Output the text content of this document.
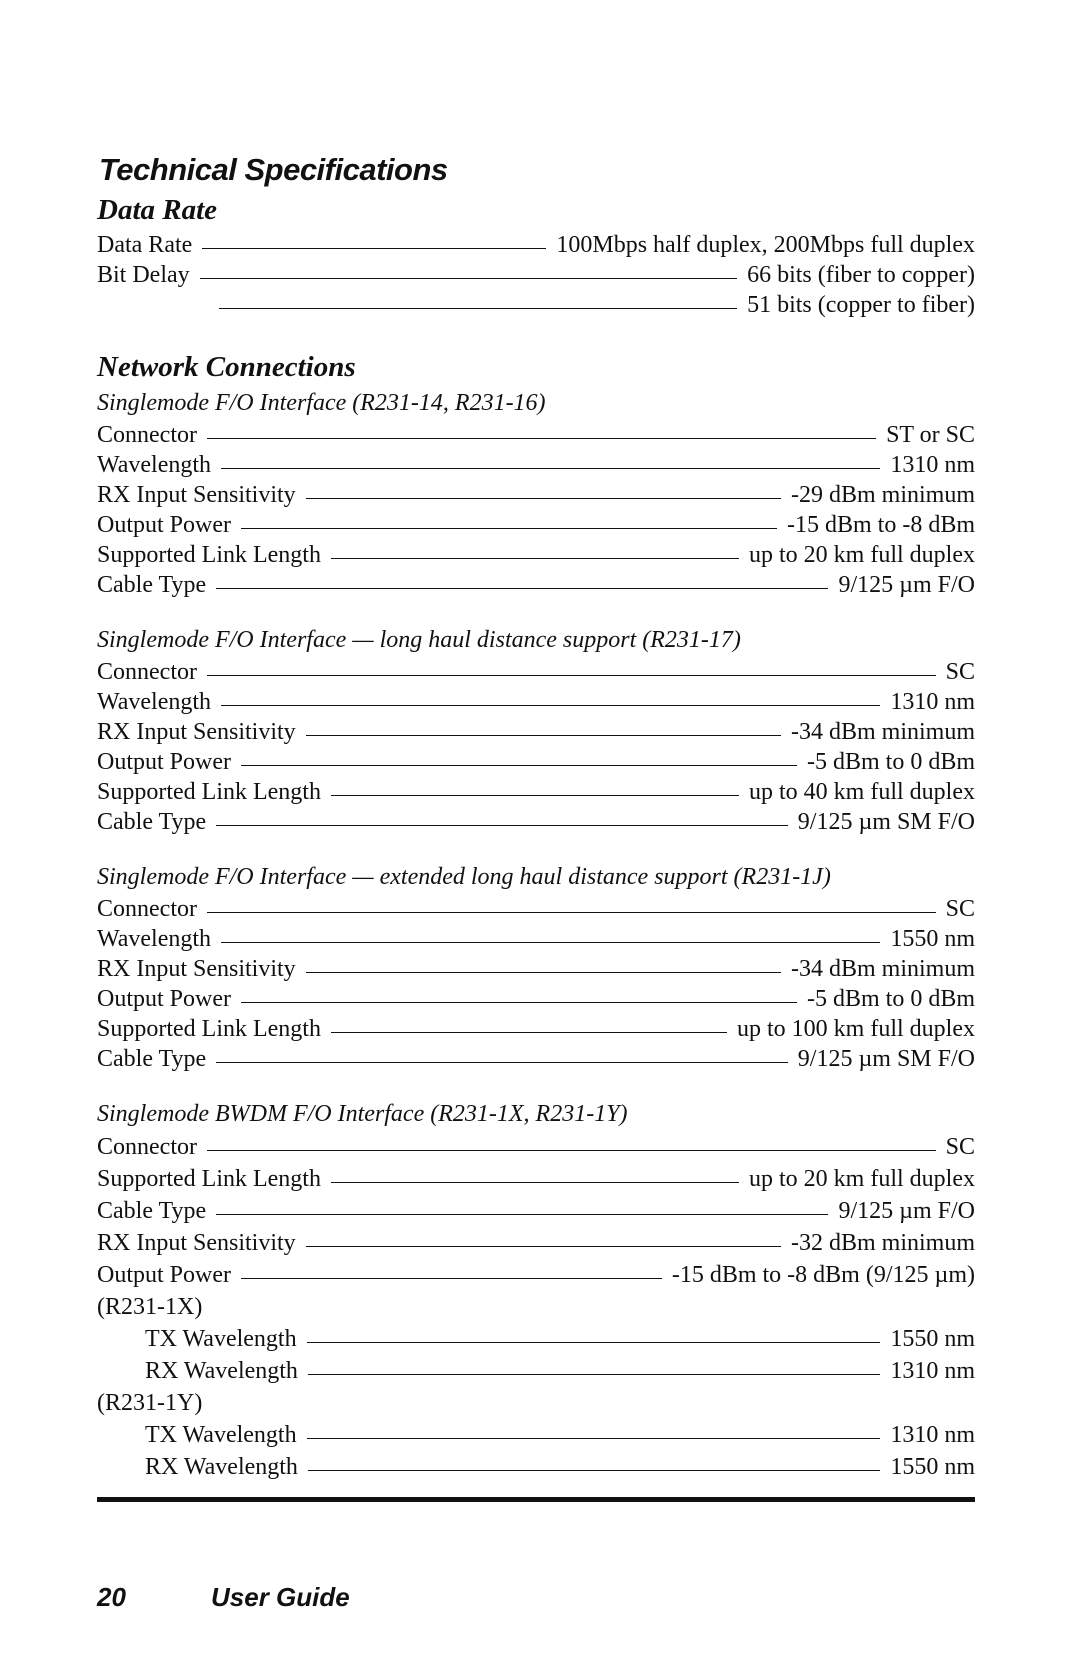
Technical Specifications
Data Rate
Data Rate	100Mbps half duplex, 200Mbps full duplex
Bit Delay	66 bits (fiber to copper)
51 bits (copper to fiber)
Network Connections
Singlemode F/O Interface (R231-14, R231-16)
Connector	ST or SC
Wavelength	1310 nm
RX Input Sensitivity	-29 dBm minimum
Output Power	-15 dBm to -8 dBm
Supported Link Length	up to 20 km full duplex
Cable Type	9/125 µm F/O
Singlemode F/O Interface — long haul distance support (R231-17)
Connector	SC
Wavelength	1310 nm
RX Input Sensitivity	-34 dBm minimum
Output Power	-5 dBm to 0 dBm
Supported Link Length	up to 40 km full duplex
Cable Type	9/125 µm SM F/O
Singlemode F/O Interface — extended long haul distance support (R231-1J)
Connector	SC
Wavelength	1550 nm
RX Input Sensitivity	-34 dBm minimum
Output Power	-5 dBm to 0 dBm
Supported Link Length	up to 100 km full duplex
Cable Type	9/125 µm SM F/O
Singlemode BWDM F/O Interface (R231-1X, R231-1Y)
Connector	SC
Supported Link Length	up to 20 km full duplex
Cable Type	9/125 µm F/O
RX Input Sensitivity	-32 dBm minimum
Output Power	-15 dBm to -8 dBm (9/125 µm)
(R231-1X)
TX Wavelength	1550 nm
RX Wavelength	1310 nm
(R231-1Y)
TX Wavelength	1310 nm
RX Wavelength	1550 nm
20	User Guide
